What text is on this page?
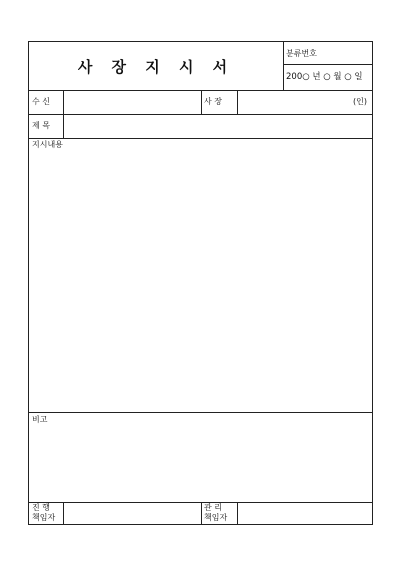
사 장 지 시 서
분류번호
200○ 년 ○ 월 ○ 일
수 신	사 장	(인)
제 목
지시내용
비고
진 행
책임자
관 리
책임자
